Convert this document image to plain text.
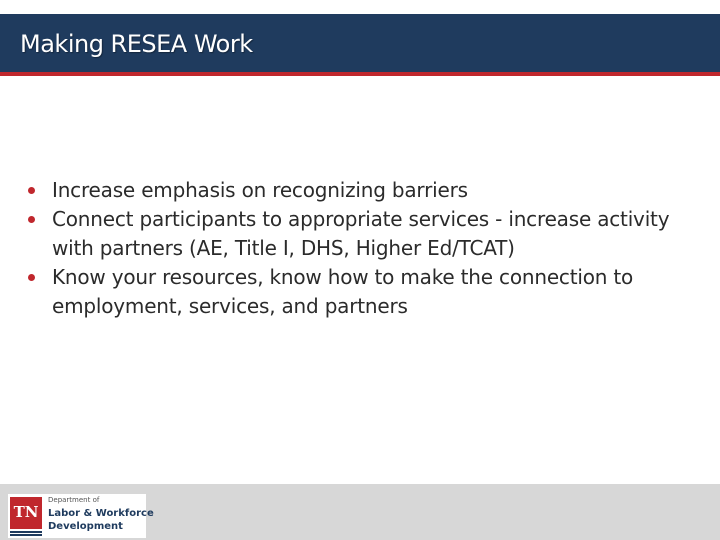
Making RESEA Work
Increase emphasis on recognizing barriers
Connect participants to appropriate services - increase activity with partners (AE, Title I, DHS, Higher Ed/TCAT)
Know your resources, know how to make the connection to employment, services, and partners
TN
Department of
Labor & Workforce
Development
